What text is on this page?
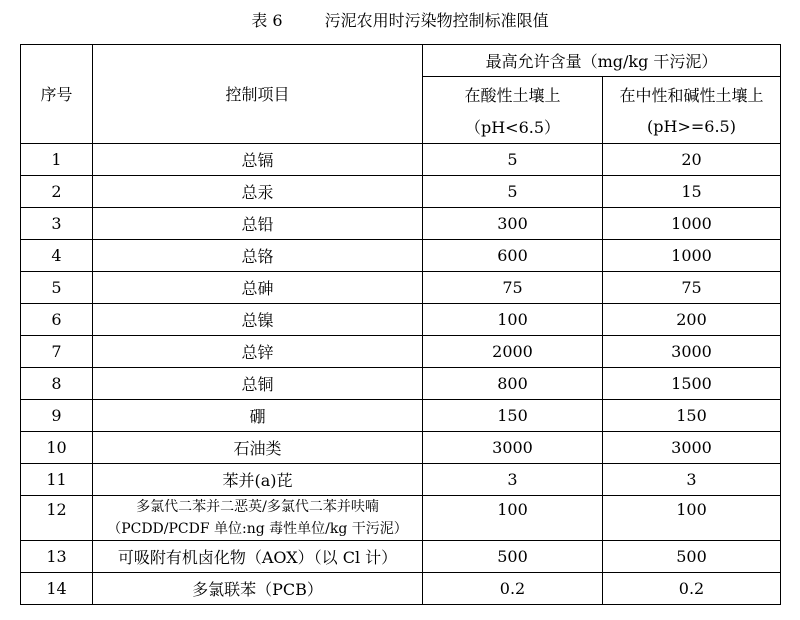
表 6	污泥农用时污染物控制标准限值
序号	控制项目	最高允许含量（mg/kg 干污泥）	
		在酸性土壤上	在中性和碱性土壤上
		（pH<6.5）	(pH>=6.5)
1	总镉	5	20
2	总汞	5	15
3	总铅	300	1000
4	总铬	600	1000
5	总砷	75	75
6	总镍	100	200
7	总锌	2000	3000
8	总铜	800	1500
9	硼	150	150
10	石油类	3000	3000
11	苯并(a)芘	3	3
12	多氯代二苯并二恶英/多氯代二苯并呋喃
（PCDD/PCDF 单位:ng 毒性单位/kg 干污泥）	100	100
13	可吸附有机卤化物（AOX）（以 Cl 计）	500	500
14	多氯联苯（PCB）	0.2	0.2
